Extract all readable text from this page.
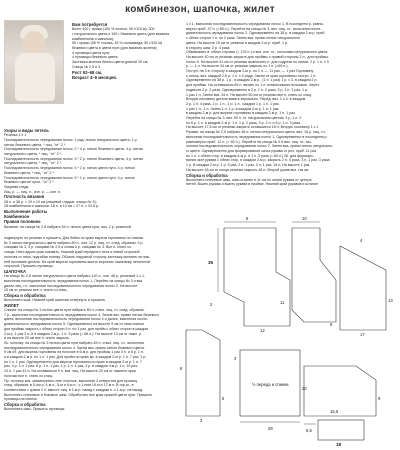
комбинезон, шапочка, жилет

Вам потребуется

Всего 400 г пряжи (100 % хлопок; 50 г/115 м): 300

г натурального цвета и 100 г бежевого цвета (для вязания

комбинезона и шапочки);

50 г пряжи (55 % хлопка, 45 % полиамида; 50 г/152 м)

бежевого цвета и цвета нуги (для вязания жилета);

4 пуговицы цвета нуги;

4 пуговицы бежевого цвета;

Застежка-молния белого цвета длиной 30 см;

Спицы № 2,5 и 3.

Рост 62–68 см.

Возраст 4–6 месяцев.

Узоры и виды петель

Резинка 1 х 1

Последовательность чередования полос: 1 ряд. нитью натурального цвета, 1 р.

нитью бежевого цвета, * лиц. "от" 2 *.

Последовательность чередования полос: 2 * 4 р. нитью бежевого цвета, 4 р. нитью

натурального цвета, * лиц. "от" 2 *.

Последовательность чередования полос: 3 * 2 р. нитью бежевого цвета, 4 р. нитью

натурального цвета, * лиц. "от" 2 *.

Последовательность чередования полос: 4 * 2 р. нитью цвета нуги, 4 р. нитью

бежевого цвета, * лиц. "от" 2 *.

Последовательность чередования полос: 5 * 1 р. нитью цвета нуги, 4 р. нитью

бежевого цвета* прол. "от" 2 *.

Лицевая гладь

Лиц. р. — лиц. п., изн. р. — изн. п.

Плотность вязания

28 п. и 36 р. = 10 х 10 см (лицевой гладью, спицы № 3);

28 комбинезона и шапочки: 18 п. и 10 см = 27 п. х 33,5 р.

Выполнение работы

Комбинезон

Правая половина

Вязание: на спицы № 2,5 набрать 54 п. нитью цвета нуги, вяз. 2 р. резинкой

1 х 1, выполняя последовательность чередования полос 1. В последнем р. равно-

мерно приб. 37 п. (=85 п.). Перейти на спицы № 3, вяз. лиц. гл., выполняя после-

довательность чередования полос 2. Одновременно на 38 р. в каждом 2-м р. приб.

с обеих сторон 1 п. по 2 раза. Затем вяз. прямо нитью натурального

цвета. На высоте 15 см от резинки в каждом 2-м р. приб. 1 р.

в сторону шва: 2 р. 4 раза.

Обвязывать в. обеих случаях (= 176 п.) и вяз. изн. гл., полосами натурального цвета.

На высоте 40 см от резинки закрыть для проймы с правой стороны 2 п., для проймы:

полос 5. На высоте 41 см от резинки выключить п. для подреза по линии: 2 р. 1 п. х 3

р. — 1 п. На высоте 44 см от резинки закрыть по 1 п. (=69 п.).

Отступ: на 3 в. сторону в каждом 2-м р. по 1 п. — 11 раз, — 1 раз Горловину

к отлож. вяз. каждый 2-й р. 1 п. х 4 ряда. Затем от края горловины отступ. 1 п.

Одновременно на 38 р. 1 р., в каждом 2-м р., (1 п. 1 раз) 1 р. х 3, в каждом 2 р.

для проймы. На оставшихся 69 п. вязать по 1 п. изнаночными полосами. Через

подвести 2 р. 2 раза. Одновременно в 3 р. 1 п. 2 раза, 3 р. 1 п. 1 раз. 1 р.

1 раз 1 п. Затем вяз. 34 п. На высоте 50 см от резинки все п. снять со спиц.

Вторую половину детали вязать зеркально. Перед: вяз. 1 х 4, в каждом

2 р. 1 п. 4 раза, 2 р. 1 п., 1 р. 1 п., каждом 1 р. 1 п. 1 раз.

1 раз 1 п., 1 п. Затем 1 п. 1 р. в каждом 2-м р. 1 п. 1 раз.

в каждом 2-м р. для выреза горловины в каждом 2-м р. 1 п. 1 раз.

Перейти на спицы № 3, вяз. 50 п. гл. натуральным цветом, 3 р. 1 п. 2

по 6 р. 1 п. в каждом 2-м р. 1 п. 1 р. 2 раза, 3 р. 2 п. и 6 р. 1 п. 3 раза.

На высоте 17,5 см от резинки закрыть оставшиеся 18 п. Вторую половину 1 х 1

Рукава: на спицы № 2,5 набрать 48 п. нитью натурального цвета, вяз. 18 р. лиц. гл.,

выполняя последовательность чередования полос 1. Одновременно в последнем р.

равномерно приб. 12 п. (= 60 п.). Перейти на спицы № 3 и вяз. лиц. гл., вы-

полняя последовательность чередования полос 2. Затем вяз. прямо нитью натурально-

го цвета. Одновременно для формирования скоса рукава от рез. приб. 11 раз

по 1 п. с обеих стор. в каждом 4-м р. и 1 п. 3 раза (= 80 п.) 26. для формиро-

вания окат рукава с обеих стор. в каждом 2-м р. закрыть 2 п. 4 раза, 3 п. 1 раз, 3 раза

1 р. В каждом 2-м р. 1 р. 5 раз, 2 п. 1 раз, 3 п. 1 раз. 34 п. На высоте 1 раз.

На высоте 18 см от конца резинки закрыть 48 п. Второй рукав вяз. так же.

Сборка и обработка

Выполнить плечевые швы, швы штанин и 11 см по линии рукава от центра

нитей. Вшить рукава и вшить рукава в пройме. Нижний край рукавов и штанин

подвернуть по резинке и пришить. Для бейки по краю выреза горловины по отвязы

№ 3 нитью натурального цвета набрать 80 п., изн. 12 р. лиц. гл. след. образом: 3 р.

спицами № 3, 3 р. спицами № 2,5 и снова 3 р. спицами № 3. Все п. снять со

спицы. Нить вдоль края сшивать. Нижний край переднего тела и левой стороной

полочек от низа, подгибая планку. Обшить наружной сторону застежку-молнию на ниж-

ней половине детали. На край выреза горловины вшить воротник наизнанку петельной

стороной. Пришить пуговицы.

ШАПОЧКА

На спицы № 2,5 нитью натурального цвета набрать 120 п., изн. 48 р. резинкой 1 х 1,

выполняя последовательность чередования полос 1. Перейти на спицы № 3 и вяз.

далее лиц. гл., выполняя последовательность чередования полос 2. На высоте

15 см от резинки все п. снять со спиц.

Сборка и обработка

Выполнить шов. Нижний край шапочки отвернуть и пришить.

ЖИЛЕТ

Спинка: на спицы № 3 нитью цвета нуги набрать 80 п. и вяз. лиц. гл. след. образом:

7 р., выполняя последовательность чередования полос 4. Затем вяз. прямо нитью бежевого

цвета, выполняя последовательность чередования полос 4 и далее, выполняя после-

довательность чередования полос 5. Одновременно на высоте 9 см от низа спинки

для проймы закрыть с обеих сторон 5 п. по 1 раз, для пройм с обеих сторон в каждом

2-м р. 1 раз 3 п. и в каждом 2-м р. 1 п. 3 раза (= 68 п.). На высоте 13 см от нижн. р.

и на высоте 20 см все п. снять закрыть.

Лк: полочку: на спицы № 3 нитью цвета нуги набрать 45 п. и вяз. лиц. гл., выполняя

последовательность чередования полос 4. Затем вяз. прямо нитью бежевого цвета.

9 см об. для выреза горловины на полочке в 5-м р. для проймы 1 раз 3 п. и 6 р. 1 п.

и в каждом 2-м р. по 1 п. 1 раз. Для пройм по краю вр. в каждом 2-м р. 1 п. 7 раз, 3 р.

по 1 п. 1 раз. Одновременно для выреза горловины по краю в каждом 2-м р. 1 п. 7

раз, 3 р. 1 п. 1 раз, 6 р. 1 п. 1 раз. 1 р. 1 п. 1 раз, 3 р. в каждом 4-м р. 1 п. 10 раз,

10 п. 1 раз 41 п. На оставшихся 9 п. вяз. лиц. На высоте 20 см от нижнего края

полочки все п. снять со спиц.

Пр. полочку вяз. симметрично лев. полочке, выполняя 4 отверстия для пуговиц

след. образом: в 5-ом р. 4-м п., 5-м и 6-м п., с 1-ним 16-м и 17-м п. В гор.ш., в

соответствии с краем 2 п. вместе лиц. в 1-м р. накид с каждым п. с 1-м р. на накид.

Выполнить плечевые и боковые швы. Обработать все края пряжей цвета нуги. Пришить

пуговицы на спинке.

Сборка и обработка

Выполнить швы. Пришить пуговицы.

8	10
35
2
12
11
4
17
13
6
3
8
5
3
28
20
9
16,5
6,5
18
½ переда и спинки
